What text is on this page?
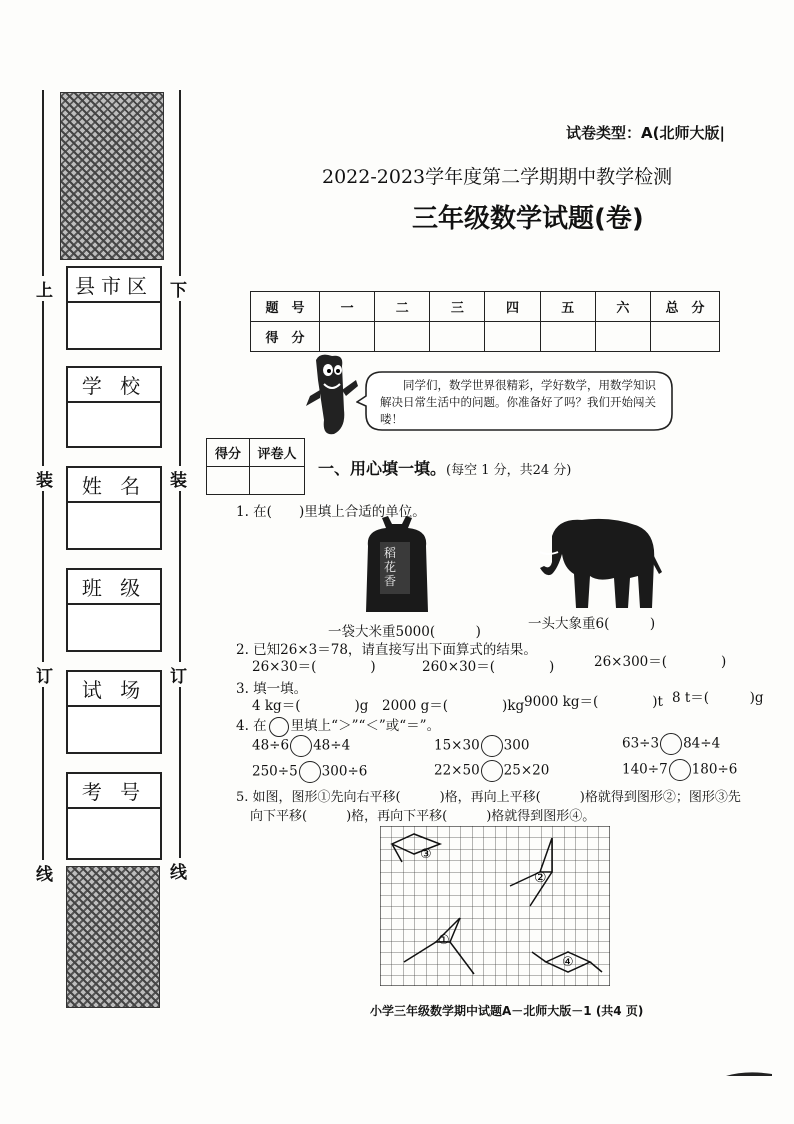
上	下
装	装
订	订
线	线
县市区
学 校
姓 名
班 级
试 场
考 号
试卷类型：A(北师大版|
2022-2023学年度第二学期期中教学检测
三年级数学试题(卷)
题　号	一	二	三	四	五	六	总　分
得　分							
同学们，数学世界很精彩，学好数学，用数学知识解决日常生活中的问题。你准备好了吗？我们开始闯关喽！
得分	评卷人

一、用心填一填。(每空 1 分，共24 分)
1. 在(　　)里填上合适的单位。
稻花香
一袋大米重5000(　　　)	一头大象重6(　　　)
2. 已知26×3＝78，请直接写出下面算式的结果。
26×30＝(　　　　)	260×30＝(　　　　)	26×300＝(　　　　)
3. 填一填。
4 kg＝(　　　　)g 2000 g＝(　　　　)kg 9000 kg＝(　　　　)t 8 t＝(　　　)g
4. 在 里填上“＞”“＜”或“＝”。
48÷6 48÷4	15×30 300	63÷3 84÷4
250÷5 300÷6	22×50 25×20	140÷7 180÷6
5. 如图，图形①先向右平移(　　　)格，再向上平移(　　　)格就得到图形②；图形③先
向下平移(　　　)格，再向下平移(　　　)格就得到图形④。
③
②
①
④
小学三年级数学期中试题A－北师大版－1 (共4 页)
